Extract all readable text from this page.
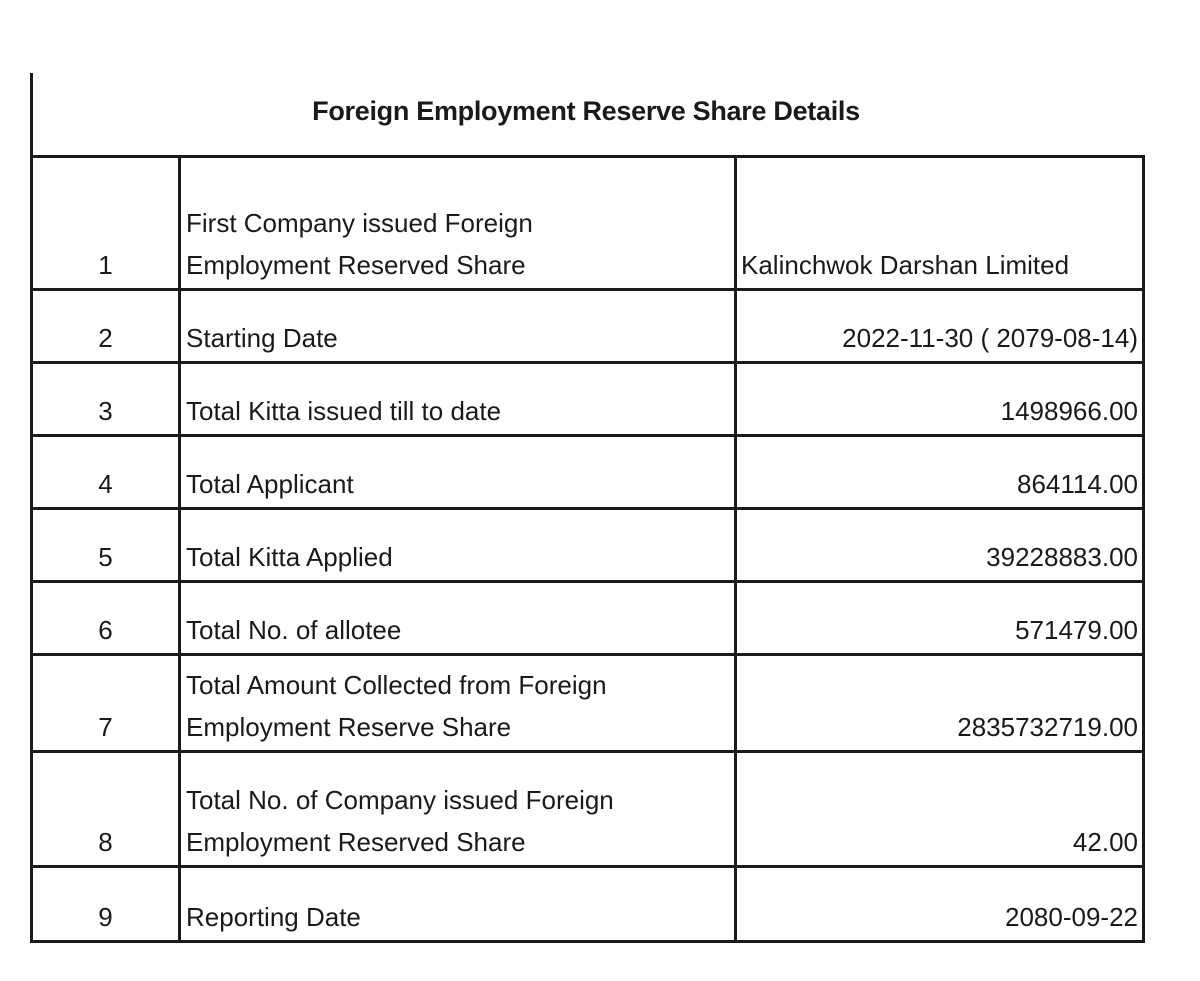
Foreign Employment Reserve Share Details
1	First Company issued Foreign
Employment Reserved Share	Kalinchwok Darshan Limited
2	Starting Date	2022-11-30 ( 2079-08-14)
3	Total Kitta issued till to date	1498966.00
4	Total Applicant	864114.00
5	Total Kitta Applied	39228883.00
6	Total No. of allotee	571479.00
7	Total Amount Collected from Foreign
Employment Reserve Share	2835732719.00
8	Total No. of Company issued Foreign
Employment Reserved Share	42.00
9	Reporting Date	2080-09-22
